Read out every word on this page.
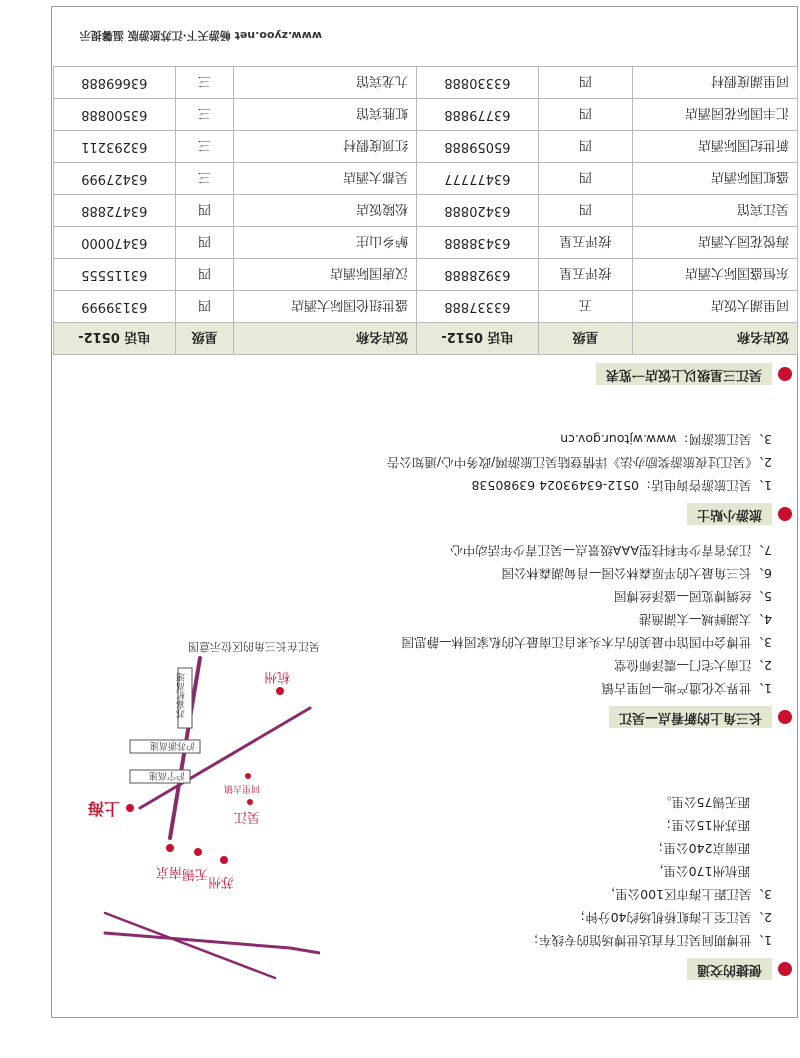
www.zyoo.net 畅游天下·江苏旅游版 温馨提示
上海
南京 无锡
苏州
杭州
吴江
同里古镇
沪宁高速
沪苏浙高速
苏嘉杭高速
吴江在长三角的区位示意图
便捷的交通
1、世博期间吴江有直达世博场馆的专线车；
2、吴江至上海虹桥机场约40分钟；
3、吴江距上海市区100公里，
距杭州170公里，
距南京240公里；
距苏州15公里；
距无锡75公里。
长三角上的新看点—吴江
1、世界文化遗产地—同里古镇
2、江南大宅门—震泽师俭堂
3、世博会中国馆中最美的古木头来自江南最大的私家园林—静思园
4、太湖鲜城—太湖渔港
5、丝绸博览园—盛泽丝博园
6、长三角最大的平原森林公园—肖甸湖森林公园
7、江苏省青少年科技型AAA级景点—吴江青少年活动中心
旅游小贴士
1、吴江旅游咨询电话：0512-63493024 63980538
2、《吴江过夜旅游奖励办法》详情登陆吴江旅游网/政务中心/通知公告
3、吴江旅游网：www.wjtour.gov.cn
吴江三星级以上饭店一览表
饭店名称	星级	电话 0512-	饭店名称	星级	电话 0512-
同里湖大饭店	五	63337888	盛世纽伦国际大酒店	四	63139999
东恒盛国际大酒店	按评五星	63928888	汉唐国际酒店	四	63115555
海悦花园大酒店	按评五星	63438888	鲈乡山庄	四	63470000
吴江宾馆	四	63420888	松陵饭店	四	63472888
盛虹国际酒店	四	63477777	吴都大酒店	三	63427999
新世纪国际酒店	四	65059888	红顶度假村	三	63293211
汇丰国际花园酒店	四	63779888	虹胜宾馆	三	63500888
同里湖度假村	四	63330888	九龙宾馆	三	63669888
